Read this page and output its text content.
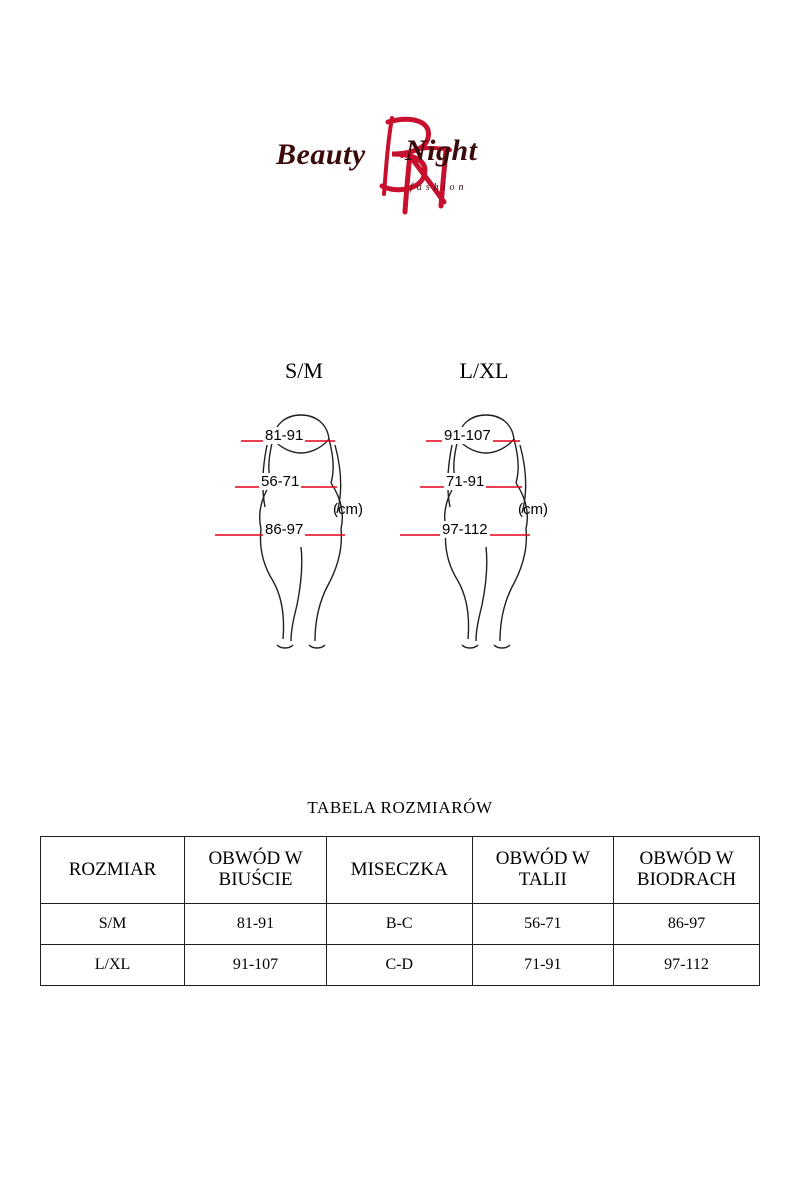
Beauty Night
fashion
S/M	L/XL
81-91
56-71
86-97
(cm)
91-107
71-91
97-112
(cm)
TABELA ROZMIARÓW
ROZMIAR	OBWÓD W BIUŚCIE	MISECZKA	OBWÓD W TALII	OBWÓD W BIODRACH
S/M	81-91	B-C	56-71	86-97
L/XL	91-107	C-D	71-91	97-112
